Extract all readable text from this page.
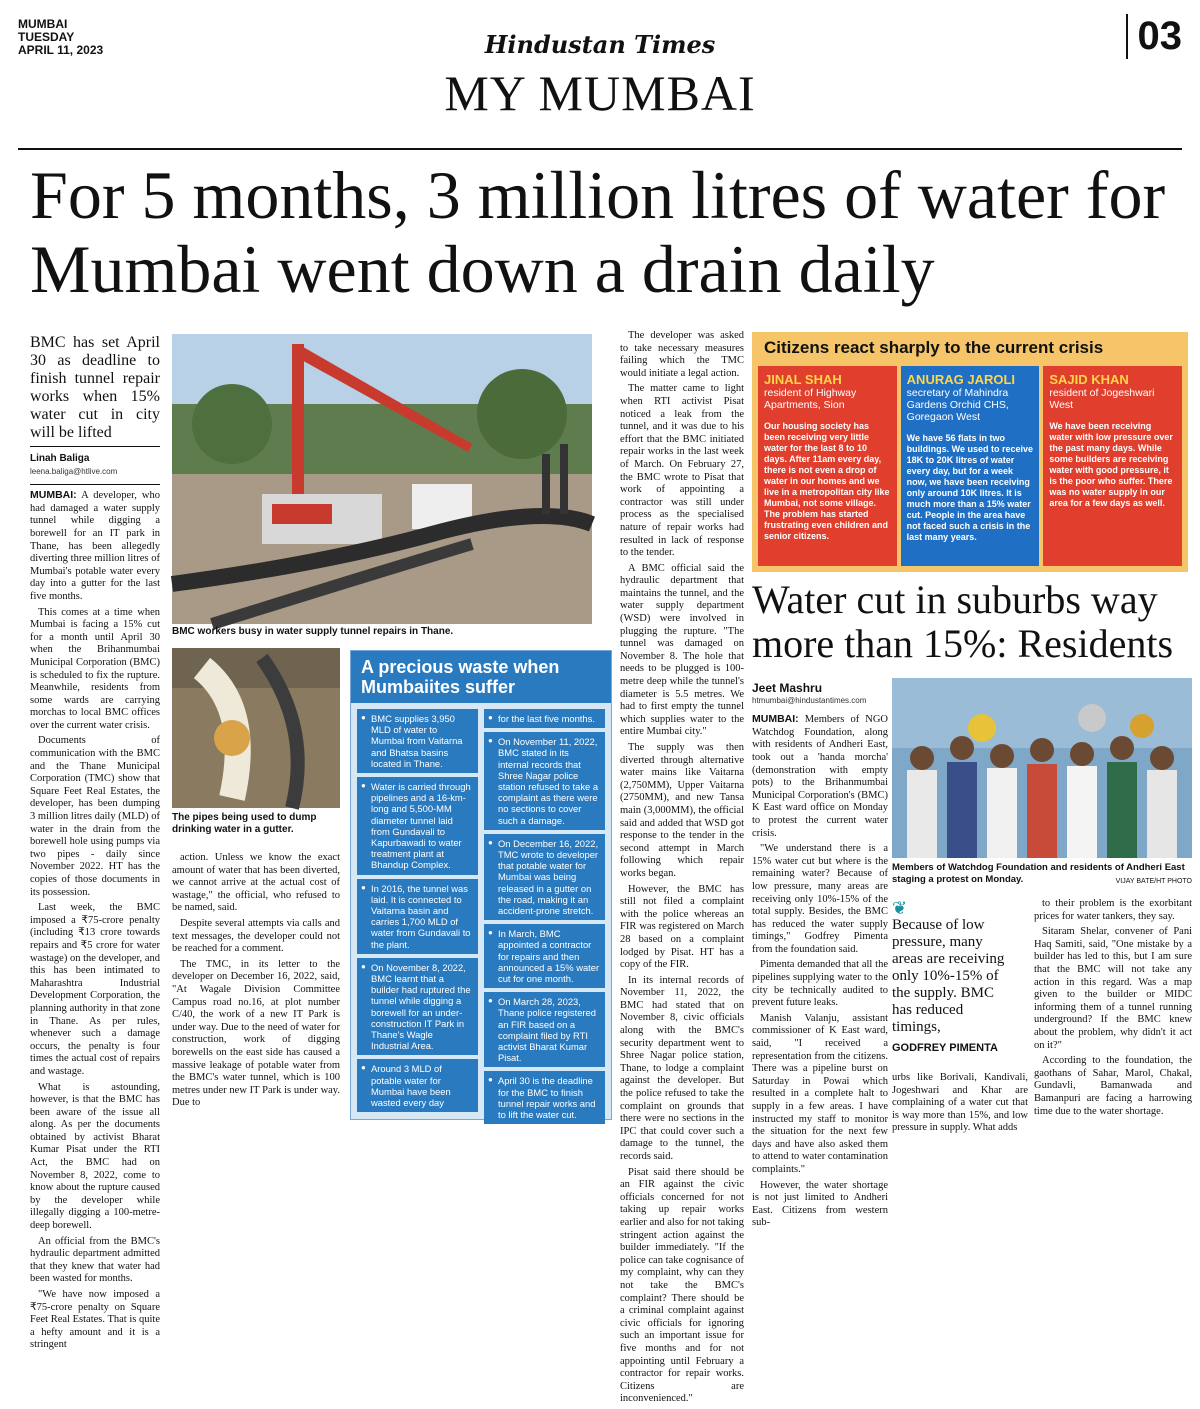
MUMBAI
TUESDAY
APRIL 11, 2023	Hindustan Times
MY MUMBAI
03
For 5 months, 3 million litres of water for Mumbai went down a drain daily
BMC has set April 30 as deadline to finish tunnel repair works when 15% water cut in city will be lifted
Linah Baliga
leena.baliga@htlive.com

MUMBAI: A developer, who had damaged a water supply tunnel while digging a borewell for an IT park in Thane, has been allegedly diverting three million litres of Mumbai's potable water every day into a gutter for the last five months.

This comes at a time when Mumbai is facing a 15% cut for a month until April 30 when the Brihanmumbai Municipal Corporation (BMC) is scheduled to fix the rupture. Meanwhile, residents from some wards are carrying morchas to local BMC offices over the current water crisis.

Documents of communication with the BMC and the Thane Municipal Corporation (TMC) show that Square Feet Real Estates, the developer, has been dumping 3 million litres daily (MLD) of water in the drain from the borewell hole using pumps via two pipes - daily since November 2022. HT has the copies of those documents in its possession.

Last week, the BMC imposed a ₹75-crore penalty (including ₹13 crore towards repairs and ₹5 crore for water wastage) on the developer, and this has been intimated to Maharashtra Industrial Development Corporation, the planning authority in that zone in Thane. As per rules, whenever such a damage occurs, the penalty is four times the actual cost of repairs and wastage.

What is astounding, however, is that the BMC has been aware of the issue all along. As per the documents obtained by activist Bharat Kumar Pisat under the RTI Act, the BMC had on November 8, 2022, come to know about the rupture caused by the developer while illegally digging a 100-metre-deep borewell.

An official from the BMC's hydraulic department admitted that they knew that water had been wasted for months.

"We have now imposed a ₹75-crore penalty on Square Feet Real Estates. That is quite a hefty amount and it is a stringent

BMC workers busy in water supply tunnel repairs in Thane.
The pipes being used to dump drinking water in a gutter.

action. Unless we know the exact amount of water that has been diverted, we cannot arrive at the actual cost of wastage," the official, who refused to be named, said.

Despite several attempts via calls and text messages, the developer could not be reached for a comment.

The TMC, in its letter to the developer on December 16, 2022, said, "At Wagale Division Committee Campus road no.16, at plot number C/40, the work of a new IT Park is under way. Due to the need of water for construction, work of digging borewells on the east side has caused a massive leakage of potable water from the BMC's water tunnel, which is 100 metres under new IT Park is under way. Due to

A precious waste when Mumbaiites suffer
● BMC supplies 3,950 MLD of water to Mumbai from Vaitarna and Bhatsa basins located in Thane.
● Water is carried through pipelines and a 16-km-long and 5,500-MM diameter tunnel laid from Gundavali to Kapurbawadi to water treatment plant at Bhandup Complex.
● In 2016, the tunnel was laid. It is connected to Vaitarna basin and carries 1,700 MLD of water from Gundavali to the plant.
● On November 8, 2022, BMC learnt that a builder had ruptured the tunnel while digging a borewell for an under-construction IT Park in Thane's Wagle Industrial Area.
● Around 3 MLD of potable water for Mumbai have been wasted every day
● for the last five months.
● On November 11, 2022, BMC stated in its internal records that Shree Nagar police station refused to take a complaint as there were no sections to cover such a damage.
● On December 16, 2022, TMC wrote to developer that potable water for Mumbai was being released in a gutter on the road, making it an accident-prone stretch.
● In March, BMC appointed a contractor for repairs and then announced a 15% water cut for one month.
● On March 28, 2023, Thane police registered an FIR based on a complaint filed by RTI activist Bharat Kumar Pisat.
● April 30 is the deadline for the BMC to finish tunnel repair works and to lift the water cut.

The developer was asked to take necessary measures failing which the TMC would initiate a legal action.

The matter came to light when RTI activist Pisat noticed a leak from the tunnel, and it was due to his effort that the BMC initiated repair works in the last week of March. On February 27, the BMC wrote to Pisat that work of appointing a contractor was still under process as the specialised nature of repair works had resulted in lack of response to the tender.

A BMC official said the hydraulic department that maintains the tunnel, and the water supply department (WSD) were involved in plugging the rupture. "The tunnel was damaged on November 8. The hole that needs to be plugged is 100-metre deep while the tunnel's diameter is 5.5 metres. We had to first empty the tunnel which supplies water to the entire Mumbai city."

The supply was then diverted through alternative water mains like Vaitarna (2,750MM), Upper Vaitarna (2750MM), and new Tansa main (3,000MM), the official said and added that WSD got response to the tender in the second attempt in March following which repair works began.

However, the BMC has still not filed a complaint with the police whereas an FIR was registered on March 28 based on a complaint lodged by Pisat. HT has a copy of the FIR.

In its internal records of November 11, 2022, the BMC had stated that on November 8, civic officials along with the BMC's security department went to Shree Nagar police station, Thane, to lodge a complaint against the developer. But the police refused to take the complaint on grounds that there were no sections in the IPC that could cover such a damage to the tunnel, the records said.

Pisat said there should be an FIR against the civic officials concerned for not taking up repair works earlier and also for not taking stringent action against the builder immediately. "If the police can take cognisance of my complaint, why can they not take the BMC's complaint? There should be a criminal complaint against civic officials for ignoring such an important issue for five months and for not appointing until February a contractor for repair works. Citizens are inconvenienced."

Citizens react sharply to the current crisis
JINAL SHAH
resident of Highway Apartments, Sion
Our housing society has been receiving very little water for the last 8 to 10 days. After 11am every day, there is not even a drop of water in our homes and we live in a metropolitan city like Mumbai, not some village. The problem has started frustrating even children and senior citizens.
ANURAG JAROLI
secretary of Mahindra Gardens Orchid CHS, Goregaon West
We have 56 flats in two buildings. We used to receive 18K to 20K litres of water every day, but for a week now, we have been receiving only around 10K litres. It is much more than a 15% water cut. People in the area have not faced such a crisis in the last many years.
SAJID KHAN
resident of Jogeshwari West
We have been receiving water with low pressure over the past many days. While some builders are receiving water with good pressure, it is the poor who suffer. There was no water supply in our area for a few days as well.
Water cut in suburbs way more than 15%: Residents
Jeet Mashru
htmumbai@hindustantimes.com

MUMBAI: Members of NGO Watchdog Foundation, along with residents of Andheri East, took out a 'handa morcha' (demonstration with empty pots) to the Brihanmumbai Municipal Corporation's (BMC) K East ward office on Monday to protest the current water crisis.

"We understand there is a 15% water cut but where is the remaining water? Because of low pressure, many areas are receiving only 10%-15% of the total supply. Besides, the BMC has reduced the water supply timings," Godfrey Pimenta from the foundation said.

Pimenta demanded that all the pipelines supplying water to the city be technically audited to prevent future leaks.

Manish Valanju, assistant commissioner of K East ward, said, "I received a representation from the citizens. There was a pipeline burst on Saturday in Powai which resulted in a complete halt to supply in a few areas. I have instructed my staff to monitor the situation for the next few days and have also asked them to attend to water contamination complaints."

However, the water shortage is not just limited to Andheri East. Citizens from western sub-

Members of Watchdog Foundation and residents of Andheri East staging a protest on Monday.	VIJAY BATE/HT PHOTO
❦
Because of low pressure, many areas are receiving only 10%-15% of the supply. BMC has reduced timings,
GODFREY PIMENTA

urbs like Borivali, Kandivali, Jogeshwari and Khar are complaining of a water cut that is way more than 15%, and low pressure in supply. What adds

to their problem is the exorbitant prices for water tankers, they say.

Sitaram Shelar, convener of Pani Haq Samiti, said, "One mistake by a builder has led to this, but I am sure that the BMC will not take any action in this regard. Was a map given to the builder or MIDC informing them of a tunnel running underground? If the BMC knew about the problem, why didn't it act on it?"

According to the foundation, the gaothans of Sahar, Marol, Chakal, Gundavli, Bamanwada and Bamanpuri are facing a harrowing time due to the water shortage.
